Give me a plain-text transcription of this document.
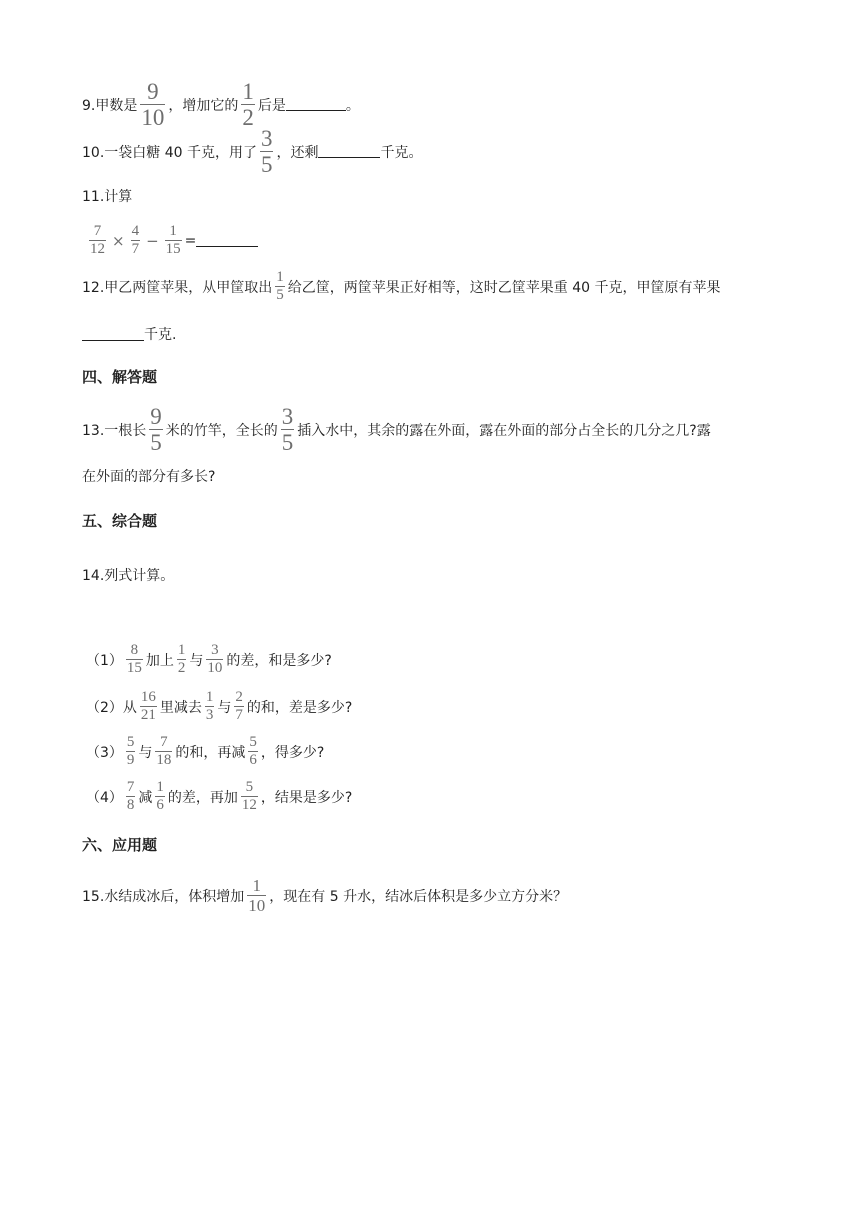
9.甲数是 $\frac{9}{10}$ ，增加它的 $\frac{1}{2}$ 后是	。
10.一袋白糖 40 千克，用了 $\frac{3}{5}$ ，还剩	千克。
11.计算
$\frac{7}{12} \times \frac{4}{7} - \frac{1}{15}$ =
12.甲乙两筐苹果，从甲筐取出 $\frac{1}{5}$ 给乙筐，两筐苹果正好相等，这时乙筐苹果重 40 千克，甲筐原有苹果
千克.
四、解答题
13.一根长 $\frac{9}{5}$ 米的竹竿，全长的 $\frac{3}{5}$ 插入水中，其余的露在外面，露在外面的部分占全长的几分之几?露
在外面的部分有多长?
五、综合题
14.列式计算。
$(1) \frac{8}{15}$ 加上 $\frac{1}{2}$ 与 $\frac{3}{10}$ 的差，和是多少?
（2）从 $\frac{16}{21}$ 里减去 $\frac{1}{3}$ 与 $\frac{2}{7}$ 的和，差是多少?
$(3) \frac{5}{9}$ 与 $\frac{7}{18}$ 的和，再减 $\frac{5}{6}$ ，得多少?
$(4) \frac{7}{8}$ 减 $\frac{1}{6}$ 的差，再加 $\frac{5}{12}$ ，结果是多少?
六、应用题
15.水结成冰后，体积增加 $\frac{1}{10}$ ，现在有 5 升水，结冰后体积是多少立方分米？
